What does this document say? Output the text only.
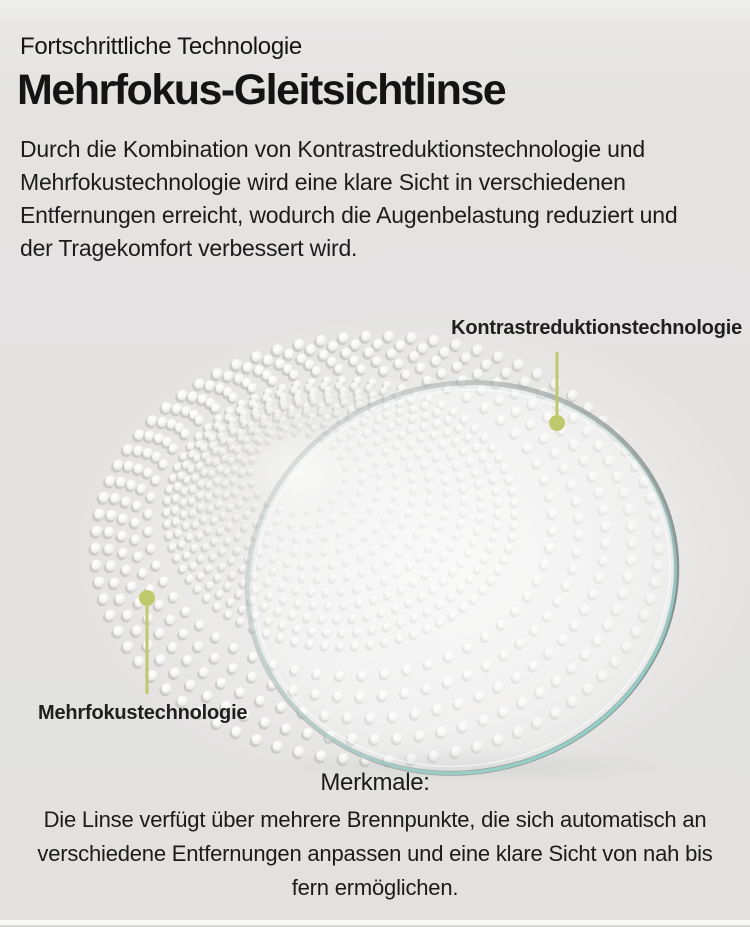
Fortschrittliche Technologie
Mehrfokus-Gleitsichtlinse
Durch die Kombination von Kontrastreduktionstechnologie und
Mehrfokustechnologie wird eine klare Sicht in verschiedenen
Entfernungen erreicht, wodurch die Augenbelastung reduziert und
der Tragekomfort verbessert wird.
Kontrastreduktionstechnologie
Mehrfokustechnologie
Merkmale:
Die Linse verfügt über mehrere Brennpunkte, die sich automatisch an
verschiedene Entfernungen anpassen und eine klare Sicht von nah bis
fern ermöglichen.
